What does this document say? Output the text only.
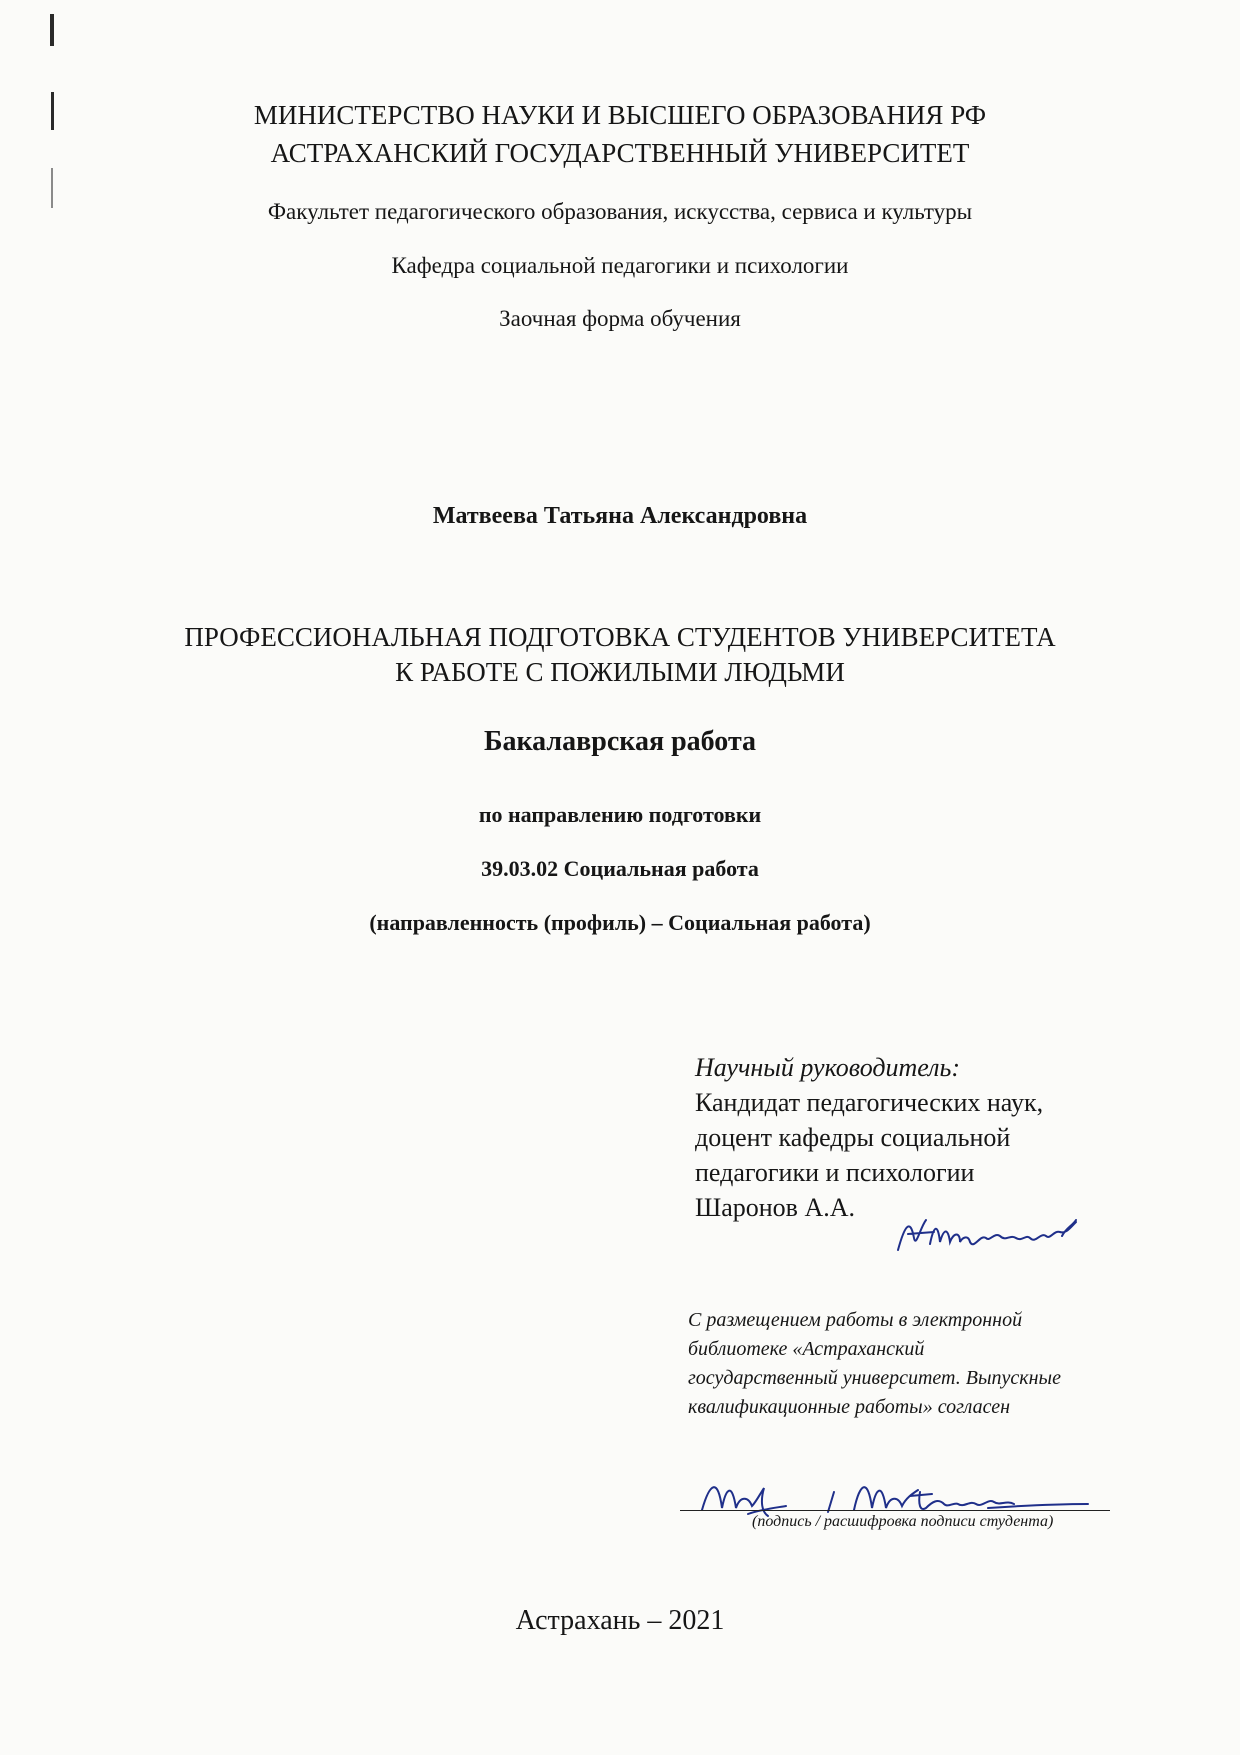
МИНИСТЕРСТВО НАУКИ И ВЫСШЕГО ОБРАЗОВАНИЯ РФ
АСТРАХАНСКИЙ ГОСУДАРСТВЕННЫЙ УНИВЕРСИТЕТ
Факультет педагогического образования, искусства, сервиса и культуры
Кафедра социальной педагогики и психологии
Заочная форма обучения
Матвеева Татьяна Александровна
ПРОФЕССИОНАЛЬНАЯ ПОДГОТОВКА СТУДЕНТОВ УНИВЕРСИТЕТА
К РАБОТЕ С ПОЖИЛЫМИ ЛЮДЬМИ
Бакалаврская работа
по направлению подготовки
39.03.02 Социальная работа
(направленность (профиль) – Социальная работа)
Научный руководитель:
Кандидат педагогических наук,
доцент кафедры социальной
педагогики и психологии
Шаронов А.А.
С размещением работы в электронной
библиотеке «Астраханский
государственный университет. Выпускные
квалификационные работы» согласен
(подпись / расшифровка подписи студента)
Астрахань – 2021
